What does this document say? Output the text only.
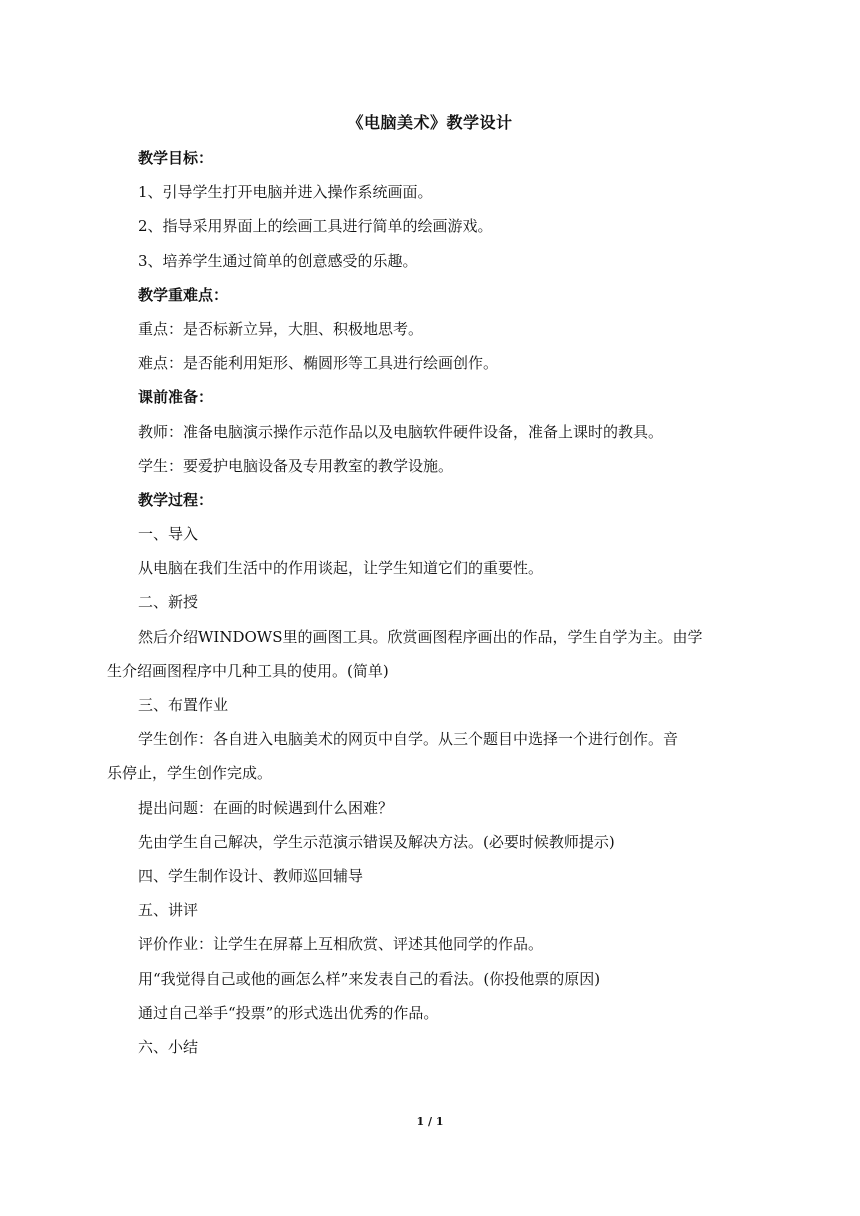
《电脑美术》教学设计
教学目标：
1、引导学生打开电脑并进入操作系统画面。
2、指导采用界面上的绘画工具进行简单的绘画游戏。
3、培养学生通过简单的创意感受的乐趣。
教学重难点：
重点：是否标新立异，大胆、积极地思考。
难点：是否能利用矩形、椭圆形等工具进行绘画创作。
课前准备：
教师：准备电脑演示操作示范作品以及电脑软件硬件设备，准备上课时的教具。
学生：要爱护电脑设备及专用教室的教学设施。
教学过程：
一、导入
从电脑在我们生活中的作用谈起，让学生知道它们的重要性。
二、新授
然后介绍WINDOWS里的画图工具。欣赏画图程序画出的作品，学生自学为主。由学
生介绍画图程序中几种工具的使用。(简单)
三、布置作业
学生创作：各自进入电脑美术的网页中自学。从三个题目中选择一个进行创作。音
乐停止，学生创作完成。
提出问题：在画的时候遇到什么困难？
先由学生自己解决，学生示范演示错误及解决方法。(必要时候教师提示)
四、学生制作设计、教师巡回辅导
五、讲评
评价作业：让学生在屏幕上互相欣赏、评述其他同学的作品。
用“我觉得自己或他的画怎么样”来发表自己的看法。(你投他票的原因)
通过自己举手“投票”的形式选出优秀的作品。
六、小结
1 / 1
